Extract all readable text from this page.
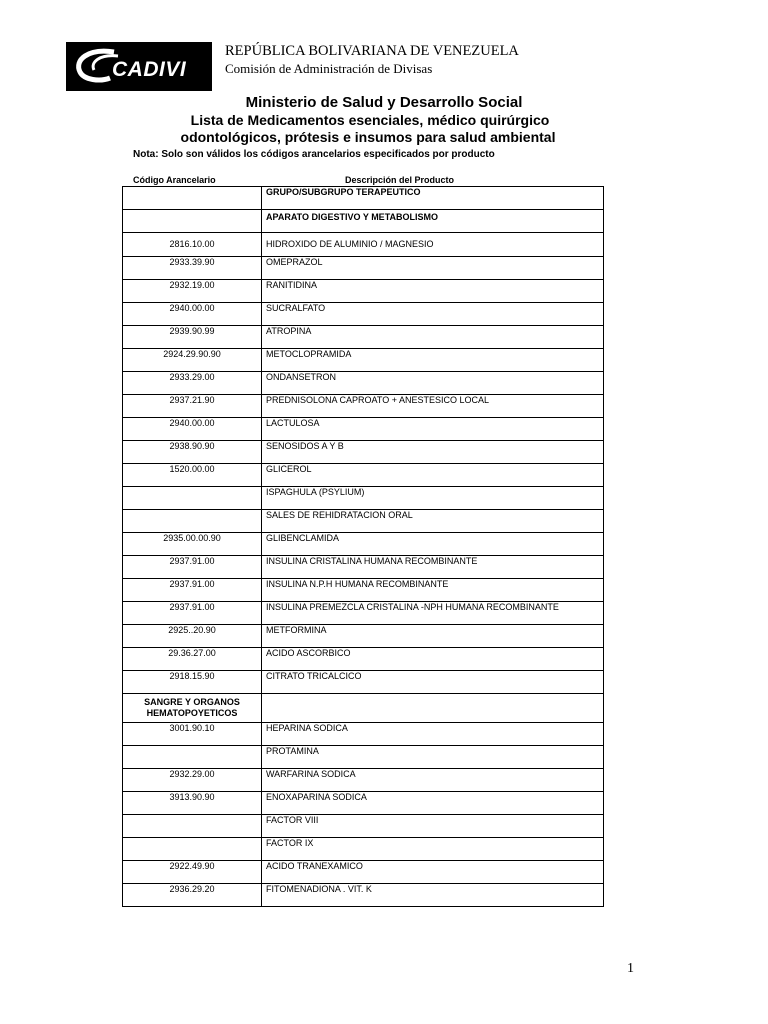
CADIVI
REPÚBLICA BOLIVARIANA DE VENEZUELA
Comisión de Administración de Divisas
Ministerio de Salud y Desarrollo Social
Lista de Medicamentos esenciales, médico quirúrgico
odontológicos, prótesis e insumos para salud ambiental
Nota: Solo son válidos los códigos arancelarios especificados por producto
Código Arancelario	Descripción del Producto
	GRUPO/SUBGRUPO TERAPEUTICO
	APARATO DIGESTIVO Y METABOLISMO
2816.10.00	HIDROXIDO DE ALUMINIO / MAGNESIO
2933.39.90	OMEPRAZOL
2932.19.00	RANITIDINA
2940.00.00	SUCRALFATO
2939.90.99	ATROPINA
2924.29.90.90	METOCLOPRAMIDA
2933.29.00	ONDANSETRON
2937.21.90	PREDNISOLONA CAPROATO + ANESTESICO LOCAL
2940.00.00	LACTULOSA
2938.90.90	SENOSIDOS A Y B
1520.00.00	GLICEROL
	ISPAGHULA (PSYLIUM)
	SALES DE REHIDRATACION ORAL
2935.00.00.90	GLIBENCLAMIDA
2937.91.00	INSULINA CRISTALINA HUMANA RECOMBINANTE
2937.91.00	INSULINA N.P.H HUMANA RECOMBINANTE
2937.91.00	INSULINA PREMEZCLA CRISTALINA -NPH HUMANA RECOMBINANTE
2925..20.90	METFORMINA
29.36.27.00	ACIDO ASCORBICO
2918.15.90	CITRATO TRICALCICO
SANGRE Y ORGANOS HEMATOPOYETICOS	
3001.90.10	HEPARINA SODICA
	PROTAMINA
2932.29.00	WARFARINA SODICA
3913.90.90	ENOXAPARINA SODICA
	FACTOR VIII
	FACTOR IX
2922.49.90	ACIDO TRANEXAMICO
2936.29.20	FITOMENADIONA . VIT. K
1
